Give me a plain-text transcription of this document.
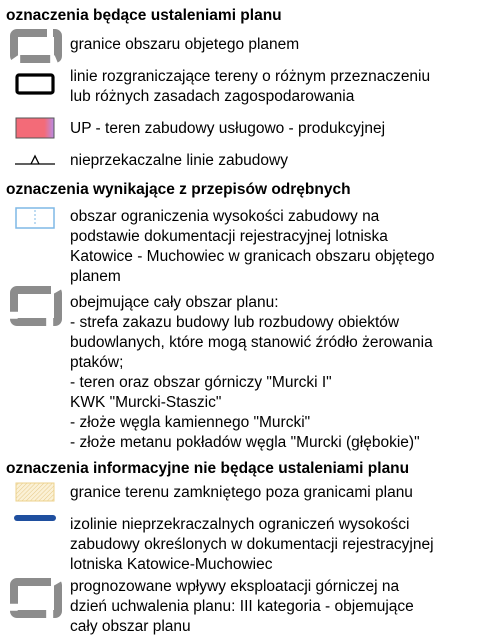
oznaczenia będące ustaleniami planu
granice obszaru objetego planem
linie rozgraniczające tereny o różnym przeznaczeniu
lub różnych zasadach zagospodarowania
UP - teren zabudowy usługowo - produkcyjnej
nieprzekaczalne linie zabudowy
oznaczenia wynikające z przepisów odrębnych
obszar ograniczenia wysokości zabudowy na
podstawie dokumentacji rejestracyjnej lotniska
Katowice - Muchowiec w granicach obszaru objętego
planem
obejmujące cały obszar planu:
- strefa zakazu budowy lub rozbudowy obiektów
budowlanych, które mogą stanowić źródło żerowania
ptaków;
- teren oraz obszar górniczy "Murcki I"
KWK "Murcki-Staszic"
- złoże węgla kamiennego "Murcki"
- złoże metanu pokładów węgla "Murcki (głębokie)"
oznaczenia informacyjne nie będące ustaleniami planu
granice terenu zamkniętego poza granicami planu
izolinie nieprzekraczalnych ograniczeń wysokości
zabudowy określonych w dokumentacji rejestracyjnej
lotniska Katowice-Muchowiec
prognozowane wpływy eksploatacji górniczej na
dzień uchwalenia planu: III kategoria - objemujące
cały obszar planu
